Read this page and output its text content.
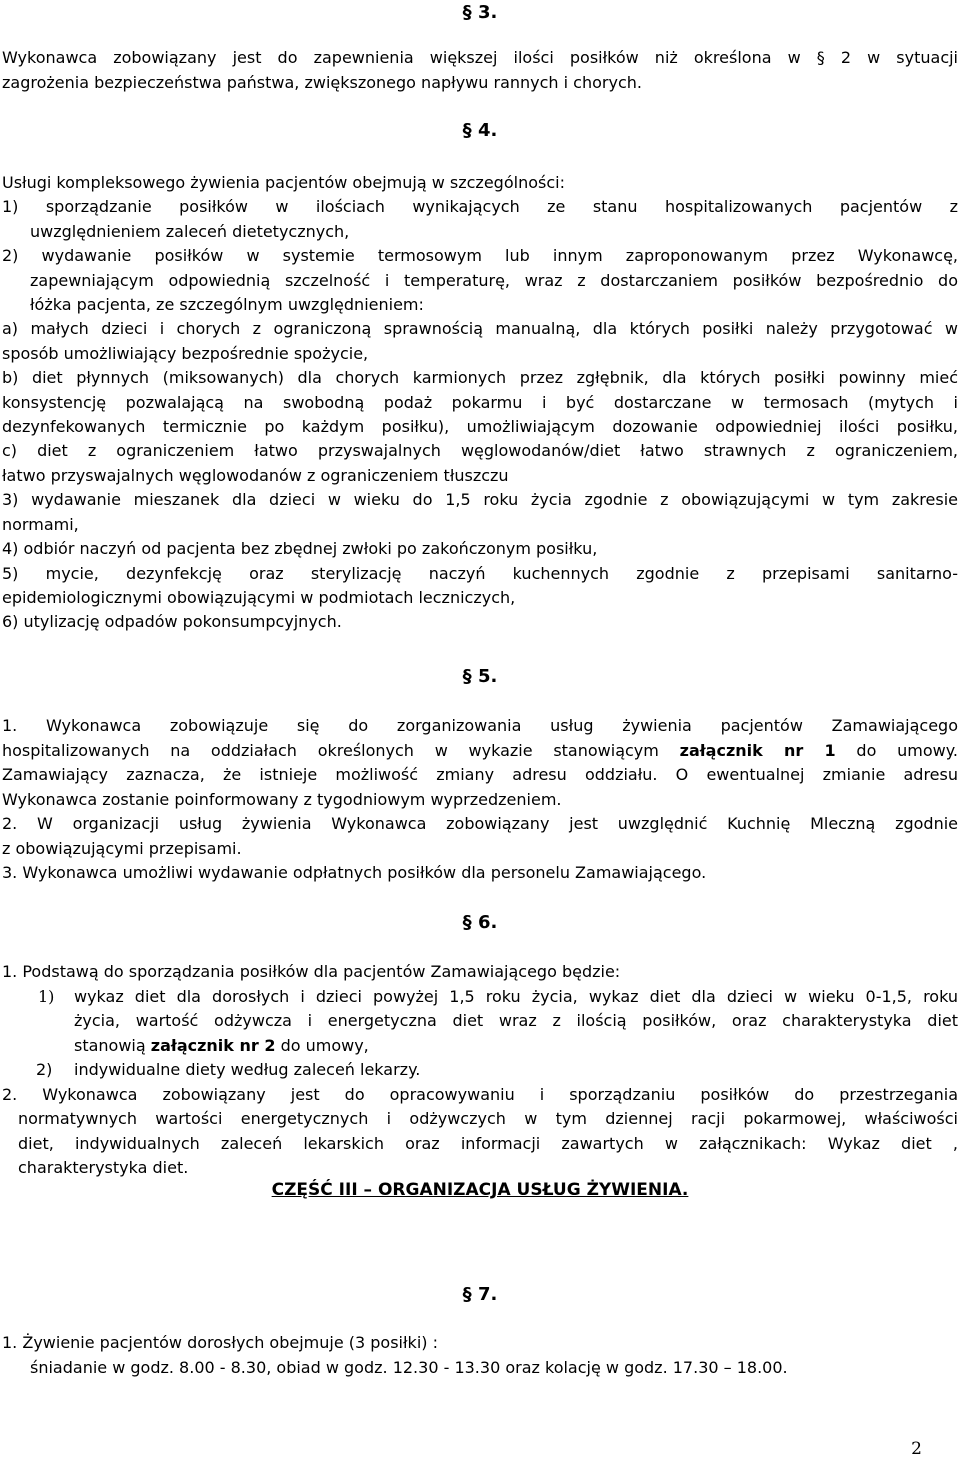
§ 3.
Wykonawca zobowiązany jest do zapewnienia większej ilości posiłków niż określona w § 2 w sytuacji
zagrożenia bezpieczeństwa państwa, zwiększonego napływu rannych i chorych.
§ 4.
Usługi kompleksowego żywienia pacjentów obejmują w szczególności:
1) sporządzanie posiłków w ilościach wynikających ze stanu hospitalizowanych pacjentów z
uwzględnieniem zaleceń dietetycznych,
2) wydawanie posiłków w systemie termosowym lub innym zaproponowanym przez Wykonawcę,
zapewniającym odpowiednią szczelność i temperaturę, wraz z dostarczaniem posiłków bezpośrednio do
łóżka pacjenta, ze szczególnym uwzględnieniem:
a) małych dzieci i chorych z ograniczoną sprawnością manualną, dla których posiłki należy przygotować w
sposób umożliwiający bezpośrednie spożycie,
b) diet płynnych (miksowanych) dla chorych karmionych przez zgłębnik, dla których posiłki powinny mieć
konsystencję pozwalającą na swobodną podaż pokarmu i być dostarczane w termosach (mytych i
dezynfekowanych termicznie po każdym posiłku), umożliwiającym dozowanie odpowiedniej ilości posiłku,
c) diet z ograniczeniem łatwo przyswajalnych węglowodanów/diet łatwo strawnych z ograniczeniem,
łatwo przyswajalnych węglowodanów z ograniczeniem tłuszczu
3) wydawanie mieszanek dla dzieci w wieku do 1,5 roku życia zgodnie z obowiązującymi w tym zakresie
normami,
4) odbiór naczyń od pacjenta bez zbędnej zwłoki po zakończonym posiłku,
5) mycie, dezynfekcję oraz sterylizację naczyń kuchennych zgodnie z przepisami sanitarno-
epidemiologicznymi obowiązującymi w podmiotach leczniczych,
6) utylizację odpadów pokonsumpcyjnych.
§ 5.
1. Wykonawca zobowiązuje się do zorganizowania usług żywienia pacjentów Zamawiającego
hospitalizowanych na oddziałach określonych w wykazie stanowiącym załącznik nr 1 do umowy.
Zamawiający zaznacza, że istnieje możliwość zmiany adresu oddziału. O ewentualnej zmianie adresu
Wykonawca zostanie poinformowany z tygodniowym wyprzedzeniem.
2. W organizacji usług żywienia Wykonawca zobowiązany jest uwzględnić Kuchnię Mleczną zgodnie
z obowiązującymi przepisami.
3. Wykonawca umożliwi wydawanie odpłatnych posiłków dla personelu Zamawiającego.
§ 6.
1. Podstawą do sporządzania posiłków dla pacjentów Zamawiającego będzie:
1) wykaz diet dla dorosłych i dzieci powyżej 1,5 roku życia, wykaz diet dla dzieci w wieku 0-1,5, roku
życia, wartość odżywcza i energetyczna diet wraz z ilością posiłków, oraz charakterystyka diet
stanowią załącznik nr 2 do umowy,
2) indywidualne diety według zaleceń lekarzy.
2. Wykonawca zobowiązany jest do opracowywaniu i sporządzaniu posiłków do przestrzegania
normatywnych wartości energetycznych i odżywczych w tym dziennej racji pokarmowej, właściwości
diet, indywidualnych zaleceń lekarskich oraz informacji zawartych w załącznikach: Wykaz diet ,
charakterystyka diet.
CZĘŚĆ III – ORGANIZACJA USŁUG ŻYWIENIA.
§ 7.
1. Żywienie pacjentów dorosłych obejmuje (3 posiłki) :
śniadanie w godz. 8.00 - 8.30, obiad w godz. 12.30 - 13.30 oraz kolację w godz. 17.30 – 18.00.
2
